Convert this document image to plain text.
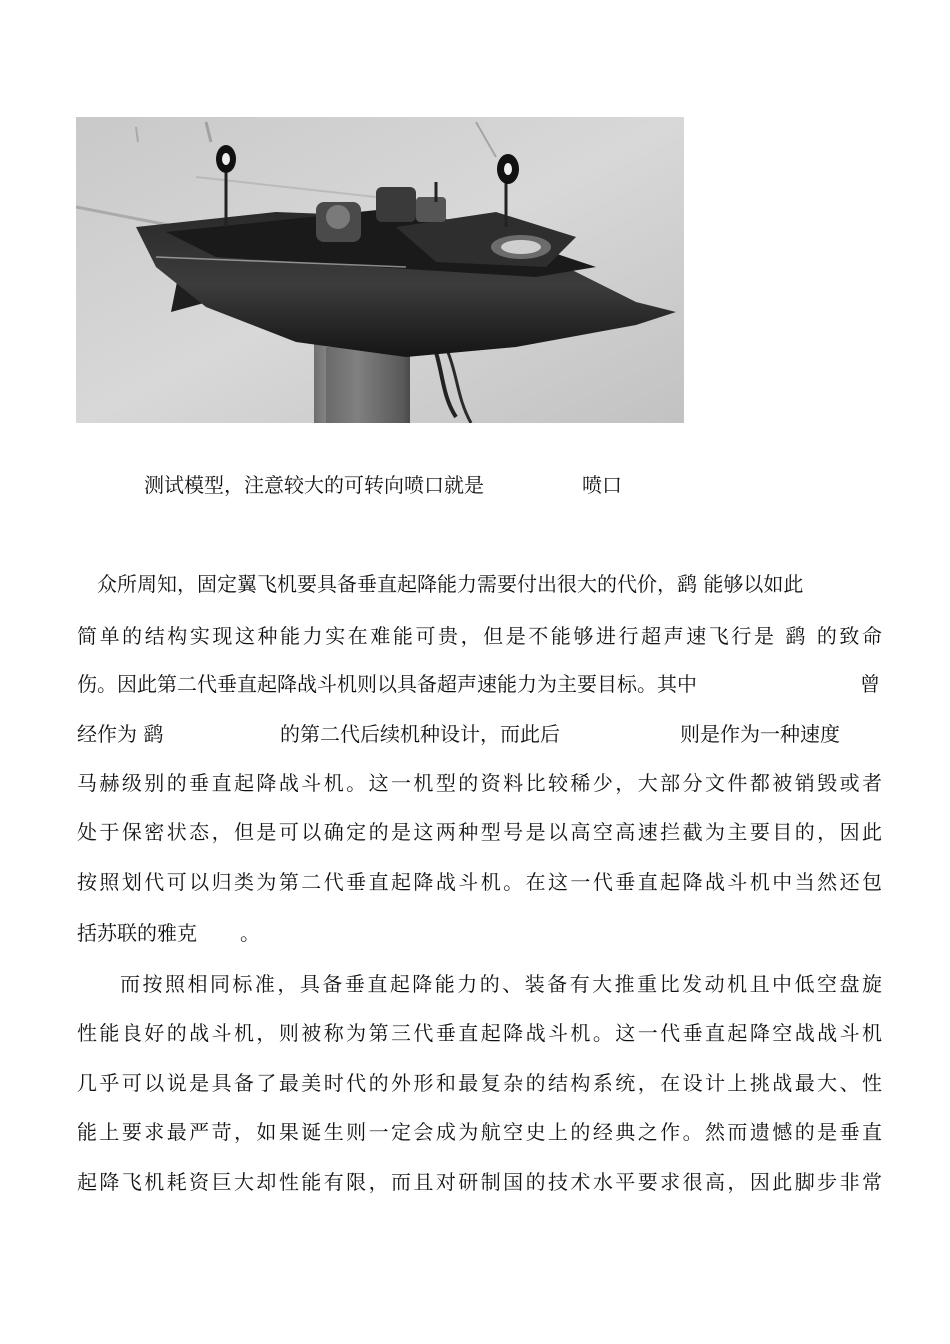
测试模型，注意较大的可转向喷口就是	喷口
众所周知，固定翼飞机要具备垂直起降能力需要付出很大的代价，鹞 能够以如此
简单的结构实现这种能力实在难能可贵，但是不能够进行超声速飞行是 鹞 的致命
伤。因此第二代垂直起降战斗机则以具备超声速能力为主要目标。其中	曾
经作为 鹞	的第二代后续机种设计，而此后	则是作为一种速度
马赫级别的垂直起降战斗机。这一机型的资料比较稀少，大部分文件都被销毁或者
处于保密状态，但是可以确定的是这两种型号是以高空高速拦截为主要目的，因此
按照划代可以归类为第二代垂直起降战斗机。在这一代垂直起降战斗机中当然还包
括苏联的雅克 。
而按照相同标准，具备垂直起降能力的、装备有大推重比发动机且中低空盘旋
性能良好的战斗机，则被称为第三代垂直起降战斗机。这一代垂直起降空战战斗机
几乎可以说是具备了最美时代的外形和最复杂的结构系统，在设计上挑战最大、性
能上要求最严苛，如果诞生则一定会成为航空史上的经典之作。然而遗憾的是垂直
起降飞机耗资巨大却性能有限，而且对研制国的技术水平要求很高，因此脚步非常
